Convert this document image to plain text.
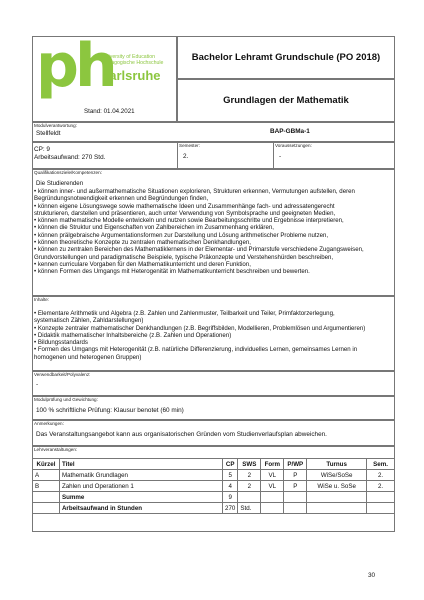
ph
University of Education
Pädagogische Hochschule
karlsruhe
Stand: 01.04.2021
Bachelor Lehramt Grundschule (PO 2018)
Grundlagen der Mathematik
Modulverantwortung:
Stellfeldt	BAP-GBMa-1
CP: 9
Arbeitsaufwand: 270 Std.
Semester:
2.
Voraussetzungen:
-
Qualifikationsziele/Kompetenzen:
Die Studierenden
• können inner- und außermathematische Situationen explorieren, Strukturen erkennen, Vermutungen aufstellen, deren
Begründungsnotwendigkeit erkennen und Begründungen finden,
• können eigene Lösungswege sowie mathematische Ideen und Zusammenhänge fach- und adressatengerecht
strukturieren, darstellen und präsentieren, auch unter Verwendung von Symbolsprache und geeigneten Medien,
• können mathematische Modelle entwickeln und nutzen sowie Bearbeitungsschritte und Ergebnisse interpretieren,
• können die Struktur und Eigenschaften von Zahlbereichen im Zusammenhang erklären,
• können prälgebraische Argumentationsformen zur Darstellung und Lösung arithmetischer Probleme nutzen,
• können theoretische Konzepte zu zentralen mathematischen Denkhandlungen,
• können zu zentralen Bereichen des Mathematiklernens in der Elementar- und Primarstufe verschiedene Zugangsweisen,
Grundvorstellungen und paradigmatische Beispiele, typische Präkonzepte und Verstehenshürden beschreiben,
• kennen curriculare Vorgaben für den Mathematikunterricht und deren Funktion,
• können Formen des Umgangs mit Heterogenität im Mathematikunterricht beschreiben und bewerten.
Inhalte:
• Elementare Arithmetik und Algebra (z.B. Zahlen und Zahlenmuster, Teilbarkeit und Teiler, Primfaktorzerlegung,
systematisch Zählen, Zahldarstellungen)
• Konzepte zentraler mathematischer Denkhandlungen (z.B. Begriffsbilden, Modellieren, Problemlösen und Argumentieren)
• Didaktik mathematischer Inhaltsbereiche (z.B. Zahlen und Operationen)
• Bildungsstandards
• Formen des Umgangs mit Heterogenität (z.B. natürliche Differenzierung, individuelles Lernen, gemeinsames Lernen in
homogenen und heterogenen Gruppen)
Verwendbarkeit/Polyvalenz:
-
Modulprüfung und Gewichtung:
100 % schriftliche Prüfung: Klausur benotet (60 min)
Anmerkungen:
Das Veranstaltungsangebot kann aus organisatorischen Gründen vom Studienverlaufsplan abweichen.
Lehrveranstaltungen:
Kürzel	Titel	CP	SWS	Form	P/WP	Turnus	Sem.
A	Mathematik Grundlagen	5	2	VL	P	WiSe/SoSe	2.
B	Zahlen und Operationen 1	4	2	VL	P	WiSe u. SoSe	2.
	Summe	9					
	Arbeitsaufwand in Stunden	270	Std.				
30
